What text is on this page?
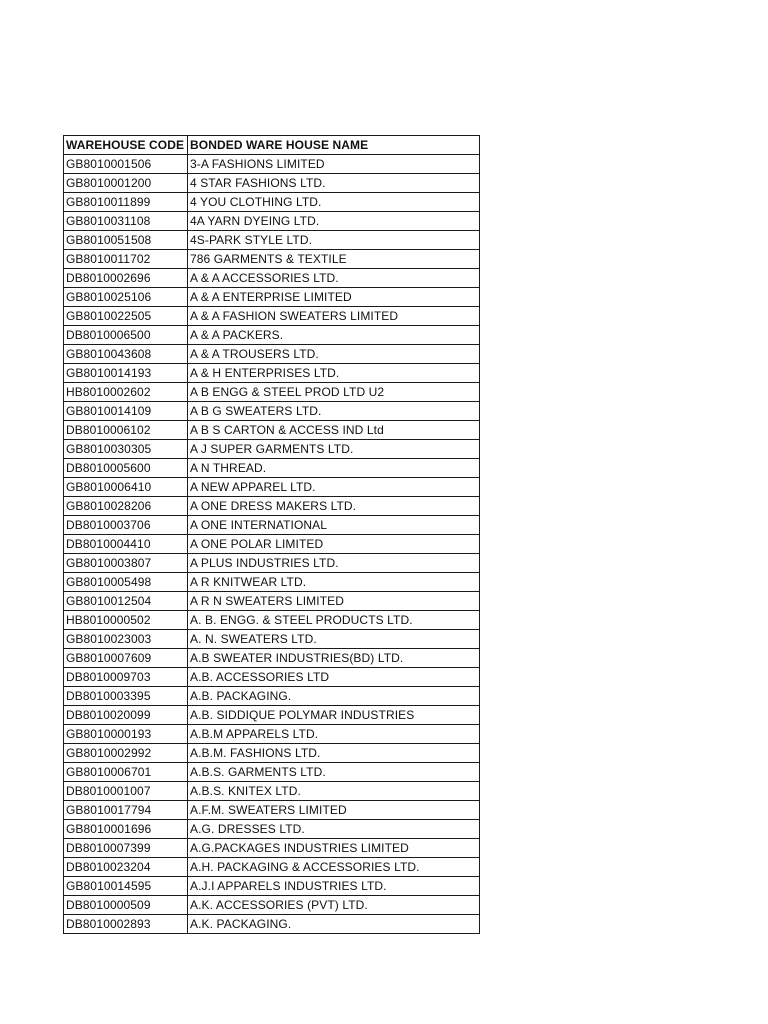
WAREHOUSE CODE	BONDED WARE HOUSE NAME
GB8010001506	3-A FASHIONS LIMITED
GB8010001200	4 STAR FASHIONS LTD.
GB8010011899	4 YOU CLOTHING LTD.
GB8010031108	4A YARN DYEING LTD.
GB8010051508	4S-PARK STYLE LTD.
GB8010011702	786 GARMENTS & TEXTILE
DB8010002696	A & A ACCESSORIES LTD.
GB8010025106	A & A ENTERPRISE LIMITED
GB8010022505	A & A FASHION SWEATERS LIMITED
DB8010006500	A & A PACKERS.
GB8010043608	A & A TROUSERS LTD.
GB8010014193	A & H ENTERPRISES LTD.
HB8010002602	A B ENGG & STEEL PROD LTD U2
GB8010014109	A B G SWEATERS LTD.
DB8010006102	A B S CARTON & ACCESS IND Ltd
GB8010030305	A J SUPER GARMENTS LTD.
DB8010005600	A N THREAD.
GB8010006410	A NEW APPAREL LTD.
GB8010028206	A ONE DRESS MAKERS LTD.
DB8010003706	A ONE INTERNATIONAL
DB8010004410	A ONE POLAR LIMITED
GB8010003807	A PLUS INDUSTRIES LTD.
GB8010005498	A R KNITWEAR LTD.
GB8010012504	A R N SWEATERS LIMITED
HB8010000502	A. B. ENGG. & STEEL PRODUCTS LTD.
GB8010023003	A. N. SWEATERS LTD.
GB8010007609	A.B SWEATER INDUSTRIES(BD) LTD.
DB8010009703	A.B. ACCESSORIES LTD
DB8010003395	A.B. PACKAGING.
DB8010020099	A.B. SIDDIQUE POLYMAR INDUSTRIES
GB8010000193	A.B.M APPARELS LTD.
GB8010002992	A.B.M. FASHIONS LTD.
GB8010006701	A.B.S. GARMENTS LTD.
DB8010001007	A.B.S. KNITEX LTD.
GB8010017794	A.F.M. SWEATERS LIMITED
GB8010001696	A.G. DRESSES LTD.
DB8010007399	A.G.PACKAGES INDUSTRIES LIMITED
DB8010023204	A.H. PACKAGING & ACCESSORIES LTD.
GB8010014595	A.J.I APPARELS INDUSTRIES LTD.
DB8010000509	A.K. ACCESSORIES (PVT) LTD.
DB8010002893	A.K. PACKAGING.
